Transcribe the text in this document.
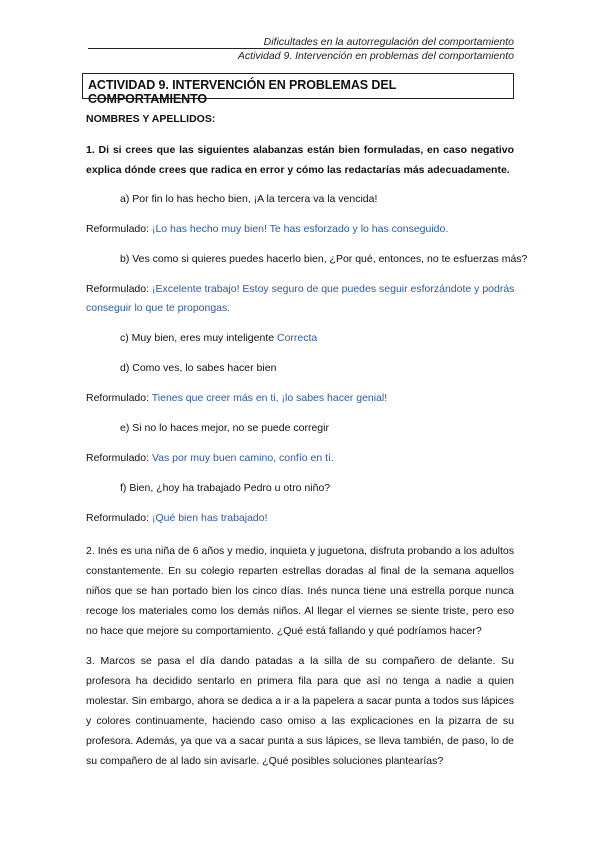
Dificultades en la autorregulación del comportamiento
Actividad 9. Intervención en problemas del comportamiento
ACTIVIDAD 9. INTERVENCIÓN EN PROBLEMAS DEL COMPORTAMIENTO
NOMBRES Y APELLIDOS:
1. Di si crees que las siguientes alabanzas están bien formuladas, en caso negativo explica dónde crees que radica en error y cómo las redactarías más adecuadamente.
a) Por fin lo has hecho bien, ¡A la tercera va la vencida!
Reformulado: ¡Lo has hecho muy bien! Te has esforzado y lo has conseguido.
b) Ves como si quieres puedes hacerlo bien, ¿Por qué, entonces, no te esfuerzas más?
Reformulado: ¡Excelente trabajo! Estoy seguro de que puedes seguir esforzándote y podrás
conseguir lo que te propongas.
c) Muy bien, eres muy inteligente Correcta
d) Como ves, lo sabes hacer bien
Reformulado: Tienes que creer más en ti, ¡lo sabes hacer genial!
e) Si no lo haces mejor, no se puede corregir
Reformulado: Vas por muy buen camino, confío en tí.
f) Bien, ¿hoy ha trabajado Pedro u otro niño?
Reformulado: ¡Qué bien has trabajado!
2. Inés es una niña de 6 años y medio, inquieta y juguetona, disfruta probando a los adultos constantemente. En su colegio reparten estrellas doradas al final de la semana aquellos niños que se han portado bien los cinco días. Inés nunca tiene una estrella porque nunca recoge los materiales como los demás niños. Al llegar el viernes se siente triste, pero eso no hace que mejore su comportamiento. ¿Qué está fallando y qué podríamos hacer?
3. Marcos se pasa el día dando patadas a la silla de su compañero de delante. Su profesora ha decidido sentarlo en primera fila para que así no tenga a nadie a quien molestar. Sin embargo, ahora se dedica a ir a la papelera a sacar punta a todos sus lápices y colores continuamente, haciendo caso omiso a las explicaciones en la pizarra de su profesora. Además, ya que va a sacar punta a sus lápices, se lleva también, de paso, lo de su compañero de al lado sin avisarle. ¿Qué posibles soluciones plantearías?
